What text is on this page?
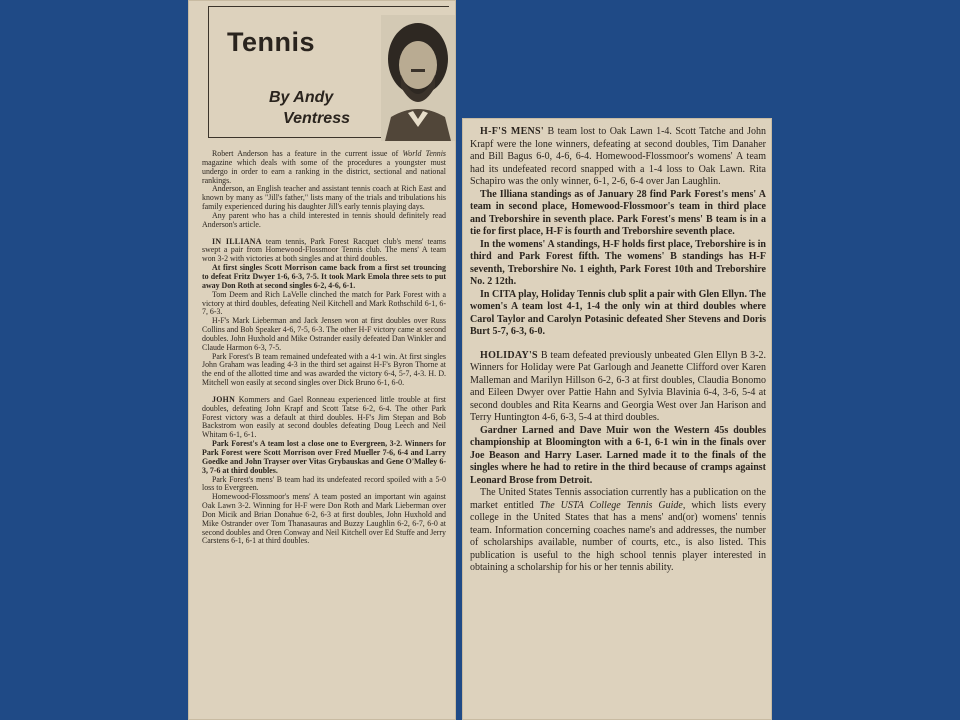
Tennis
By Andy
Ventress

Robert Anderson has a feature in the current issue of World Tennis magazine which deals with some of the procedures a youngster must undergo in order to earn a ranking in the district, sectional and national rankings.

Anderson, an English teacher and assistant tennis coach at Rich East and known by many as "Jill's father," lists many of the trials and tribulations his family experienced during his daughter Jill's early tennis playing days.

Any parent who has a child interested in tennis should definitely read Anderson's article.

IN ILLIANA team tennis, Park Forest Racquet club's mens' teams swept a pair from Homewood-Flossmoor Tennis club. The mens' A team won 3-2 with victories at both singles and at third doubles.

At first singles Scott Morrison came back from a first set trouncing to defeat Fritz Dwyer 1-6, 6-3, 7-5. It took Mark Emola three sets to put away Don Roth at second singles 6-2, 4-6, 6-1.

Tom Deem and Rich LaVelle clinched the match for Park Forest with a victory at third doubles, defeating Neil Kitchell and Mark Rothschild 6-1, 6-7, 6-3.

H-F's Mark Lieberman and Jack Jensen won at first doubles over Russ Collins and Bob Speaker 4-6, 7-5, 6-3. The other H-F victory came at second doubles. John Huxhold and Mike Ostrander easily defeated Dan Winkler and Claude Harmon 6-3, 7-5.

Park Forest's B team remained undefeated with a 4-1 win. At first singles John Graham was leading 4-3 in the third set against H-F's Byron Thorne at the end of the allotted time and was awarded the victory 6-4, 5-7, 4-3. H. D. Mitchell won easily at second singles over Dick Bruno 6-1, 6-0.

JOHN Kommers and Gael Ronneau experienced little trouble at first doubles, defeating John Krapf and Scott Tatse 6-2, 6-4. The other Park Forest victory was a default at third doubles. H-F's Jim Stepan and Bob Backstrom won easily at second doubles defeating Doug Leech and Neil Whitam 6-1, 6-1.

Park Forest's A team lost a close one to Evergreen, 3-2. Winners for Park Forest were Scott Morrison over Fred Mueller 7-6, 6-4 and Larry Goedke and John Trayser over Vitas Grybauskas and Gene O'Malley 6-3, 7-6 at third doubles.

Park Forest's mens' B team had its undefeated record spoiled with a 5-0 loss to Evergreen.

Homewood-Flossmoor's mens' A team posted an important win against Oak Lawn 3-2. Winning for H-F were Don Roth and Mark Lieberman over Don Micik and Brian Donahue 6-2, 6-3 at first doubles, John Huxhold and Mike Ostrander over Tom Thanasauras and Buzzy Laughlin 6-2, 6-7, 6-0 at second doubles and Oren Conway and Neil Kitchell over Ed Stuffe and Jerry Carstens 6-1, 6-1 at third doubles.

H-F'S MENS' B team lost to Oak Lawn 1-4. Scott Tatche and John Krapf were the lone winners, defeating at second doubles, Tim Danaher and Bill Bagus 6-0, 4-6, 6-4. Homewood-Flossmoor's womens' A team had its undefeated record snapped with a 1-4 loss to Oak Lawn. Rita Schapiro was the only winner, 6-1, 2-6, 6-4 over Jan Laughlin.

The Illiana standings as of January 28 find Park Forest's mens' A team in second place, Homewood-Flossmoor's team in third place and Treborshire in seventh place. Park Forest's mens' B team is in a tie for first place, H-F is fourth and Treborshire seventh place.

In the womens' A standings, H-F holds first place, Treborshire is in third and Park Forest fifth. The womens' B standings has H-F seventh, Treborshire No. 1 eighth, Park Forest 10th and Treborshire No. 2 12th.

In CITA play, Holiday Tennis club split a pair with Glen Ellyn. The women's A team lost 4-1, 1-4 the only win at third doubles where Carol Taylor and Carolyn Potasinic defeated Sher Stevens and Doris Burt 5-7, 6-3, 6-0.

HOLIDAY'S B team defeated previously unbeated Glen Ellyn B 3-2. Winners for Holiday were Pat Garlough and Jeanette Clifford over Karen Malleman and Marilyn Hillson 6-2, 6-3 at first doubles, Claudia Bonomo and Eileen Dwyer over Pattie Hahn and Sylvia Blavinia 6-4, 3-6, 5-4 at second doubles and Rita Kearns and Georgia West over Jan Harison and Terry Huntington 4-6, 6-3, 5-4 at third doubles.

Gardner Larned and Dave Muir won the Western 45s doubles championship at Bloomington with a 6-1, 6-1 win in the finals over Joe Beason and Harry Laser. Larned made it to the finals of the singles where he had to retire in the third because of cramps against Leonard Brose from Detroit.

The United States Tennis association currently has a publication on the market entitled The USTA College Tennis Guide, which lists every college in the United States that has a mens' and(or) womens' tennis team. Information concerning coaches name's and addresses, the number of scholarships available, number of courts, etc., is also listed. This publication is useful to the high school tennis player interested in obtaining a scholarship for his or her tennis ability.
